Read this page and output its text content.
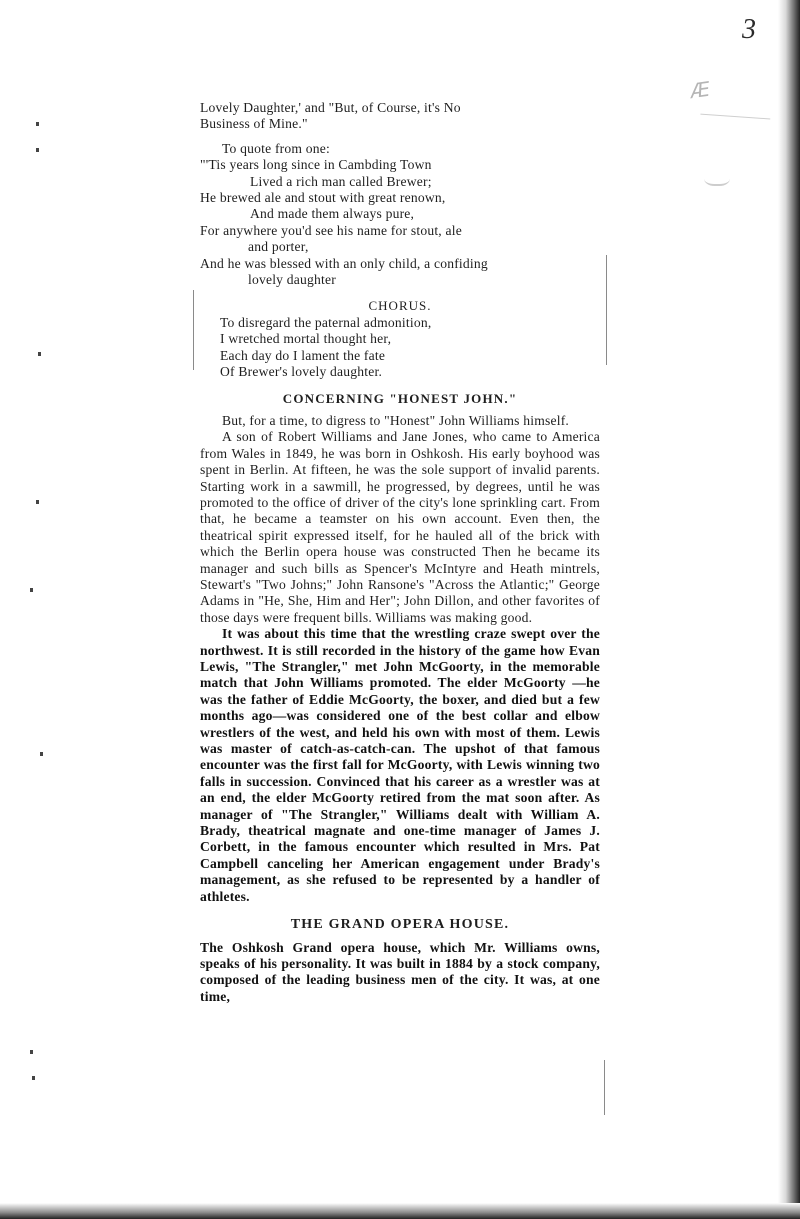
3
Æ

Lovely Daughter,' and "But, of Course, it's No

Business of Mine."

To quote from one:

"'Tis years long since in Cambding Town
Lived a rich man called Brewer;
He brewed ale and stout with great renown,
And made them always pure,
For anywhere you'd see his name for stout, ale
and porter,
And he was blessed with an only child, a confiding
lovely daughter
CHORUS.
To disregard the paternal admonition,
I wretched mortal thought her,
Each day do I lament the fate
Of Brewer's lovely daughter.
CONCERNING "HONEST JOHN."

But, for a time, to digress to "Honest" John Williams himself.

A son of Robert Williams and Jane Jones, who came to America from Wales in 1849, he was born in Oshkosh. His early boyhood was spent in Berlin. At fifteen, he was the sole support of invalid parents. Starting work in a sawmill, he progressed, by degrees, until he was promoted to the office of driver of the city's lone sprinkling cart. From that, he became a teamster on his own account. Even then, the theatrical spirit expressed itself, for he hauled all of the brick with which the Berlin opera house was constructed Then he became its manager and such bills as Spencer's McIntyre and Heath mintrels, Stewart's "Two Johns;" John Ransone's "Across the Atlantic;" George Adams in "He, She, Him and Her"; John Dillon, and other favorites of those days were frequent bills. Williams was making good.

It was about this time that the wrestling craze swept over the northwest. It is still recorded in the history of the game how Evan Lewis, "The Strangler," met John McGoorty, in the memorable match that John Williams promoted. The elder McGoorty —he was the father of Eddie McGoorty, the boxer, and died but a few months ago—was considered one of the best collar and elbow wrestlers of the west, and held his own with most of them. Lewis was master of catch-as-catch-can. The upshot of that famous encounter was the first fall for McGoorty, with Lewis winning two falls in succession. Convinced that his career as a wrestler was at an end, the elder McGoorty retired from the mat soon after. As manager of "The Strangler," Williams dealt with William A. Brady, theatrical magnate and one-time manager of James J. Corbett, in the famous encounter which resulted in Mrs. Pat Campbell canceling her American engagement under Brady's management, as she refused to be represented by a handler of athletes.

THE GRAND OPERA HOUSE.

The Oshkosh Grand opera house, which Mr. Williams owns, speaks of his personality. It was built in 1884 by a stock company, composed of the leading business men of the city. It was, at one time,
